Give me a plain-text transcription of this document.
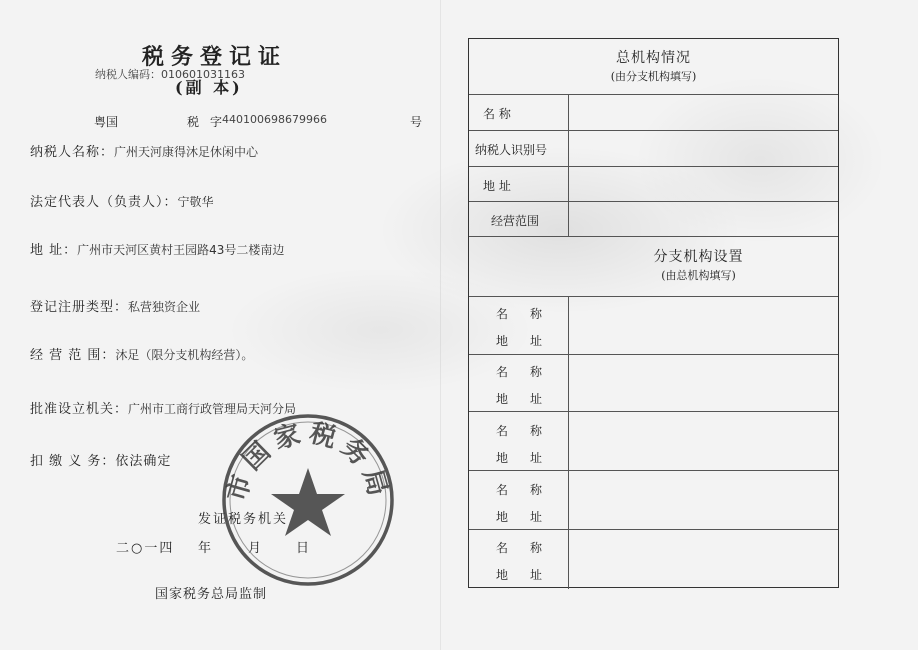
税务登记证
纳税人编码：010601031163
(副 本)
粤国	税 字 440100698679966	号
纳税人名称：广州天河康得沐足休闲中心
法定代表人（负责人）：宁敬华
地 址：广州市天河区黄村王园路43号二楼南边
登记注册类型：私营独资企业
经 营 范 围：沐足（限分支机构经营）。
批准设立机关：广州市工商行政管理局天河分局
扣 缴 义 务：依法确定
发证税务机关
二○一四 年	月	日
国家税务总局监制
市国家税务局
总机构情况
(由分支机构填写)
名 称
纳税人识别号
地 址
经营范围
分支机构设置
(由总机构填写)
名称
地址
名称
地址
名称
地址
名称
地址
名称
地址
